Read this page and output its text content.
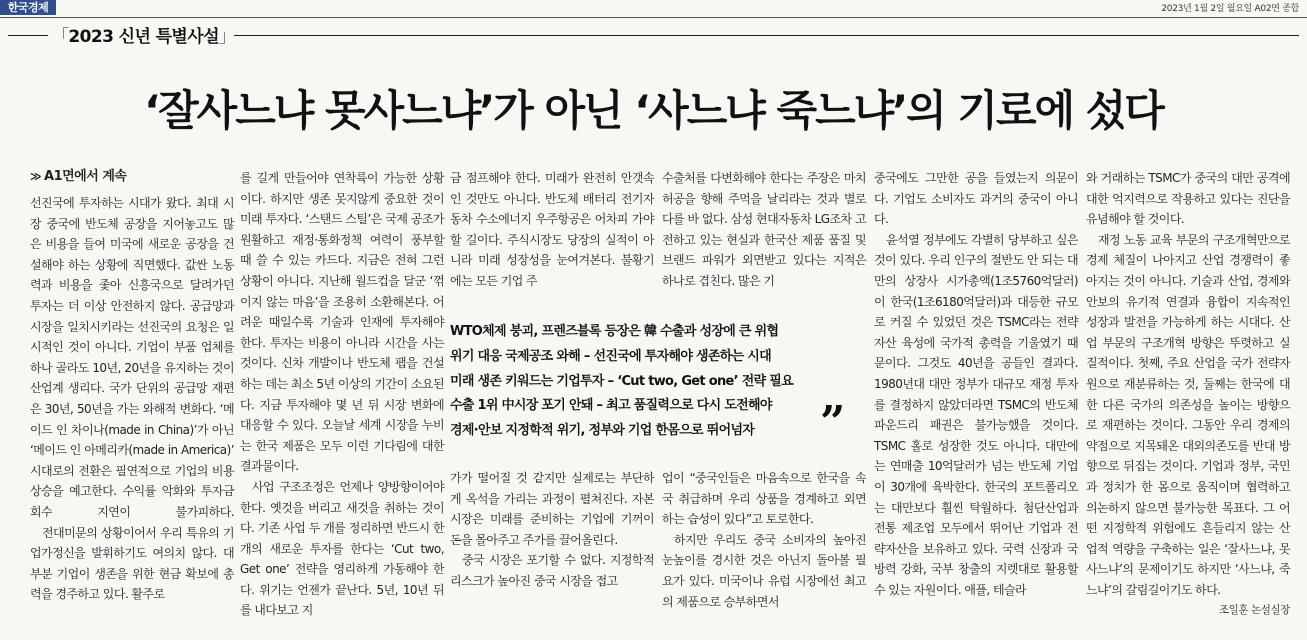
한국경제	2023년 1월 2일 월요일 A02면 종합
「2023 신년 특별사설」
‘잘사느냐 못사느냐’가 아닌 ‘사느냐 죽느냐’의 기로에 섰다
≫ A1면에서 계속

선진국에 투자하는 시대가 왔다. 최대 시장 중국에 반도체 공장을 지어놓고도 많은 비용을 들여 미국에 새로운 공장을 건설해야 하는 상황에 직면했다. 값싼 노동력과 비용을 좇아 신흥국으로 달려가던 투자는 더 이상 안전하지 않다. 공급망과 시장을 일치시키라는 선진국의 요청은 일시적인 것이 아니다. 기업이 부품 업체를 하나 골라도 10년, 20년을 유지하는 것이 산업계 생리다. 국가 단위의 공급망 재편은 30년, 50년을 가는 와해적 변화다. ‘메이드 인 차이나(made in China)’가 아닌 ‘메이드 인 아메리카(made in America)’ 시대로의 전환은 필연적으로 기업의 비용 상승을 예고한다. 수익률 악화와 투자금 회수 지연이 불가피하다.

전대미문의 상황이어서 우리 특유의 기업가정신을 발휘하기도 여의치 않다. 대부분 기업이 생존을 위한 현금 확보에 총력을 경주하고 있다. 활주로

를 길게 만들어야 연착륙이 가능한 상황이다. 하지만 생존 못지않게 중요한 것이 미래 투자다. ‘스탠드 스틸’은 국제 공조가 원활하고 재정·통화정책 여력이 풍부할 때 쓸 수 있는 카드다. 지금은 전혀 그런 상황이 아니다. 지난해 월드컵을 달군 ‘꺾이지 않는 마음’을 조용히 소환해본다. 어려운 때일수록 기술과 인재에 투자해야 한다. 투자는 비용이 아니라 시간을 사는 것이다. 신차 개발이나 반도체 팹을 건설하는 데는 최소 5년 이상의 기간이 소요된다. 지금 투자해야 몇 년 뒤 시장 변화에 대응할 수 있다. 오늘날 세계 시장을 누비는 한국 제품은 모두 이런 기다림에 대한 결과물이다.

사업 구조조정은 언제나 양방향이어야 한다. 옛것을 버리고 새것을 취하는 것이다. 기존 사업 두 개를 정리하면 반드시 한 개의 새로운 투자를 한다는 ‘Cut two, Get one’ 전략을 영리하게 가동해야 한다. 위기는 언젠가 끝난다. 5년, 10년 뒤를 내다보고 지

금 점프해야 한다. 미래가 완전히 안갯속인 것만도 아니다. 반도체 배터리 전기자동차 수소에너지 우주항공은 어차피 가야 할 길이다. 주식시장도 당장의 실적이 아니라 미래 성장성을 눈여겨본다. 불황기에는 모든 기업 주

가가 떨어질 것 같지만 실제로는 부단하게 옥석을 가리는 과정이 펼쳐진다. 자본시장은 미래를 준비하는 기업에 기꺼이 돈을 몰아주고 주가를 끌어올린다.

중국 시장은 포기할 수 없다. 지정학적 리스크가 높아진 중국 시장을 접고

수출처를 다변화해야 한다는 주장은 마치 허공을 향해 주먹을 날리라는 것과 별로 다를 바 없다. 삼성 현대자동차 LG조차 고전하고 있는 현실과 한국산 제품 품질 및 브랜드 파워가 외면받고 있다는 지적은 하나로 겹친다. 많은 기

업이 “중국인들은 마음속으로 한국을 속국 취급하며 우리 상품을 경계하고 외면하는 습성이 있다”고 토로한다.

하지만 우리도 중국 소비자의 높아진 눈높이를 경시한 것은 아닌지 돌아볼 필요가 있다. 미국이나 유럽 시장에선 최고의 제품으로 승부하면서

WTO체제 붕괴, 프렌즈블록 등장은 韓 수출과 성장에 큰 위협
위기 대응 국제공조 와해 – 선진국에 투자해야 생존하는 시대
미래 생존 키워드는 기업투자 – ‘Cut two, Get one’ 전략 필요
수출 1위 中시장 포기 안돼 – 최고 품질력으로 다시 도전해야
경제·안보 지정학적 위기, 정부와 기업 한몸으로 뛰어넘자	”

중국에도 그만한 공을 들였는지 의문이다. 기업도 소비자도 과거의 중국이 아니다.

윤석열 정부에도 각별히 당부하고 싶은 것이 있다. 우리 인구의 절반도 안 되는 대만의 상장사 시가총액(1조5760억달러)이 한국(1조6180억달러)과 대등한 규모로 커질 수 있었던 것은 TSMC라는 전략자산 육성에 국가적 총력을 기울였기 때문이다. 그것도 40년을 공들인 결과다. 1980년대 대만 정부가 대규모 재정 투자를 결정하지 않았더라면 TSMC의 반도체 파운드리 패권은 불가능했을 것이다. TSMC 홀로 성장한 것도 아니다. 대만에는 연매출 10억달러가 넘는 반도체 기업이 30개에 육박한다. 한국의 포트폴리오는 대만보다 훨씬 탁월하다. 첨단산업과 전통 제조업 모두에서 뛰어난 기업과 전략자산을 보유하고 있다. 국력 신장과 국방력 강화, 국부 창출의 지렛대로 활용할 수 있는 자원이다. 애플, 테슬라

와 거래하는 TSMC가 중국의 대만 공격에 대한 억지력으로 작용하고 있다는 진단을 유념해야 할 것이다.

재정 노동 교육 부문의 구조개혁만으로 경제 체질이 나아지고 산업 경쟁력이 좋아지는 것이 아니다. 기술과 산업, 경제와 안보의 유기적 연결과 융합이 지속적인 성장과 발전을 가능하게 하는 시대다. 산업 부문의 구조개혁 방향은 뚜렷하고 실질적이다. 첫째, 주요 산업을 국가 전략자원으로 재분류하는 것, 둘째는 한국에 대한 다른 국가의 의존성을 높이는 방향으로 재편하는 것이다. 그동안 우리 경제의 약점으로 지목돼온 대외의존도를 반대 방향으로 뒤집는 것이다. 기업과 정부, 국민과 정치가 한 몸으로 움직이며 협력하고 의논하지 않으면 불가능한 목표다. 그 어떤 지정학적 위험에도 흔들리지 않는 산업적 역량을 구축하는 일은 ‘잘사느냐, 못사느냐’의 문제이기도 하지만 ‘사느냐, 죽느냐’의 갈림길이기도 하다.
조일훈 논설실장
